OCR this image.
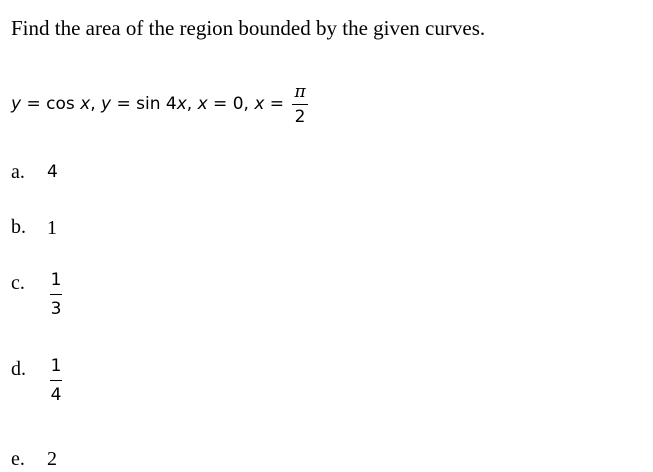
Find the area of the region bounded by the given curves.
y = cos x , y = sin 4 x , x = 0, $x = \frac{\pi}{2}$
a. 4
b. 1
c. 1
3
d. 1
4
e. 2
